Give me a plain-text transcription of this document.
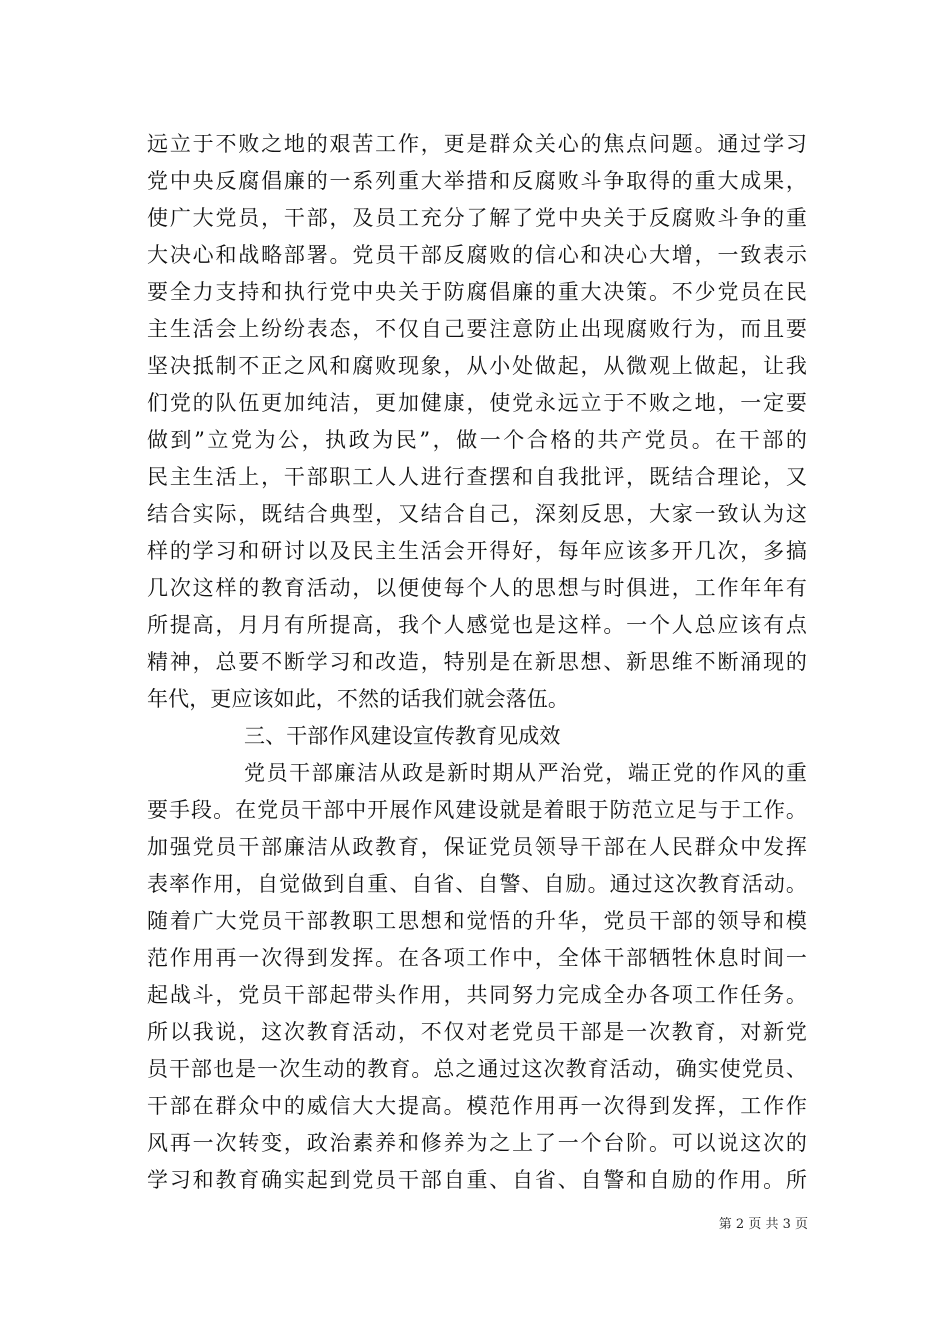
远立于不败之地的艰苦工作，更是群众关心的焦点问题。通过学习
党中央反腐倡廉的一系列重大举措和反腐败斗争取得的重大成果，
使广大党员，干部，及员工充分了解了党中央关于反腐败斗争的重
大决心和战略部署。党员干部反腐败的信心和决心大增，一致表示
要全力支持和执行党中央关于防腐倡廉的重大决策。不少党员在民
主生活会上纷纷表态，不仅自己要注意防止出现腐败行为，而且要
坚决抵制不正之风和腐败现象，从小处做起，从微观上做起，让我
们党的队伍更加纯洁，更加健康，使党永远立于不败之地，一定要
做到”立党为公，执政为民”，做一个合格的共产党员。在干部的
民主生活上，干部职工人人进行查摆和自我批评，既结合理论，又
结合实际，既结合典型，又结合自己，深刻反思，大家一致认为这
样的学习和研讨以及民主生活会开得好，每年应该多开几次，多搞
几次这样的教育活动，以便使每个人的思想与时俱进，工作年年有
所提高，月月有所提高，我个人感觉也是这样。一个人总应该有点
精神，总要不断学习和改造，特别是在新思想、新思维不断涌现的
年代，更应该如此，不然的话我们就会落伍。
三、干部作风建设宣传教育见成效
党员干部廉洁从政是新时期从严治党，端正党的作风的重
要手段。在党员干部中开展作风建设就是着眼于防范立足与于工作。
加强党员干部廉洁从政教育，保证党员领导干部在人民群众中发挥
表率作用，自觉做到自重、自省、自警、自励。通过这次教育活动。
随着广大党员干部教职工思想和觉悟的升华，党员干部的领导和模
范作用再一次得到发挥。在各项工作中，全体干部牺牲休息时间一
起战斗，党员干部起带头作用，共同努力完成全办各项工作任务。
所以我说，这次教育活动，不仅对老党员干部是一次教育，对新党
员干部也是一次生动的教育。总之通过这次教育活动，确实使党员、
干部在群众中的威信大大提高。模范作用再一次得到发挥，工作作
风再一次转变，政治素养和修养为之上了一个台阶。可以说这次的
学习和教育确实起到党员干部自重、自省、自警和自励的作用。所
第 2 页 共 3 页
